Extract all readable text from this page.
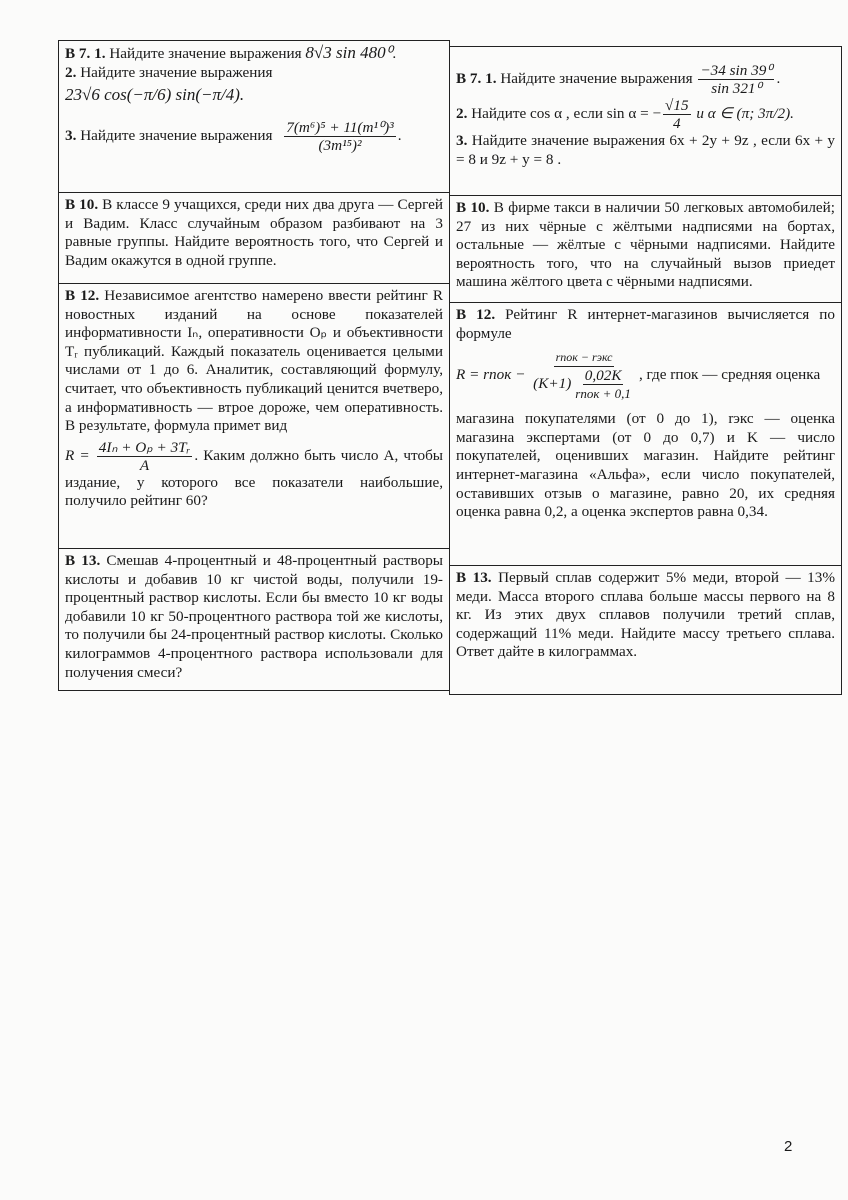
В 7. 1. Найдите значение выражения 8√3 sin 480⁰.

2. Найдите значение выражения

23√6 cos(−π/6) sin(−π/4).

3. Найдите значение выражения $\frac{\text{7(m⁶)⁵ + 11(m¹⁰)³}}{\text{(3m¹⁵)²}}$ .

В 10. В классе 9 учащихся, среди них два друга — Сергей и Вадим. Класс случайным образом разбивают на 3 равные группы. Найдите вероятность того, что Сергей и Вадим окажутся в одной группе.

В 12. Независимое агентство намерено ввести рейтинг R новостных изданий на основе показателей информативности Iₙ, оперативности Oₚ и объективности Tᵣ публикаций. Каждый показатель оценивается целыми числами от 1 до 6. Аналитик, составляющий формулу, считает, что объективность публикаций ценится вчетверо, а информативность — втрое дороже, чем оперативность. В результате, формула примет вид

$R = \frac{\text{4Iₙ + Oₚ + 3Tᵣ}}{A}$ . Каким должно быть число A, чтобы издание, у которого все показатели наибольшие, получило рейтинг 60?

В 13. Смешав 4-процентный и 48-процентный растворы кислоты и добавив 10 кг чистой воды, получили 19-процентный раствор кислоты. Если бы вместо 10 кг воды добавили 10 кг 50-процентного раствора той же кислоты, то получили бы 24-процентный раствор кислоты. Сколько килограммов 4-процентного раствора использовали для получения смеси?

В 7. 1. Найдите значение выражения $\frac{\text{−34 sin 39⁰}}{\text{sin 321⁰}}$ .

2. Найдите cos α , если sin α = − $\frac{√15}{4}$ и α ∈ (π; 3π/2).

3. Найдите значение выражения 6x + 2y + 9z , если 6x + y = 8 и 9z + y = 8 .

В 10. В фирме такси в наличии 50 легковых автомобилей; 27 из них чёрные с жёлтыми надписями на бортах, остальные — жёлтые с чёрными надписями. Найдите вероятность того, что на случайный вызов приедет машина жёлтого цвета с чёрными надписями.

В 12. Рейтинг R интернет-магазинов вычисляется по формуле

R = rпок − $\frac{\text{rпок − rэкс}}{(K+1) \frac{0,02K}{\text{rпок + 0,1}}}$ , где rпок — средняя оценка

магазина покупателями (от 0 до 1), rэкс — оценка магазина экспертами (от 0 до 0,7) и K — число покупателей, оценивших магазин. Найдите рейтинг интернет-магазина «Альфа», если число покупателей, оставивших отзыв о магазине, равно 20, их средняя оценка равна 0,2, а оценка экспертов равна 0,34.

В 13. Первый сплав содержит 5% меди, второй — 13% меди. Масса второго сплава больше массы первого на 8 кг. Из этих двух сплавов получили третий сплав, содержащий 11% меди. Найдите массу третьего сплава. Ответ дайте в килограммах.

2
